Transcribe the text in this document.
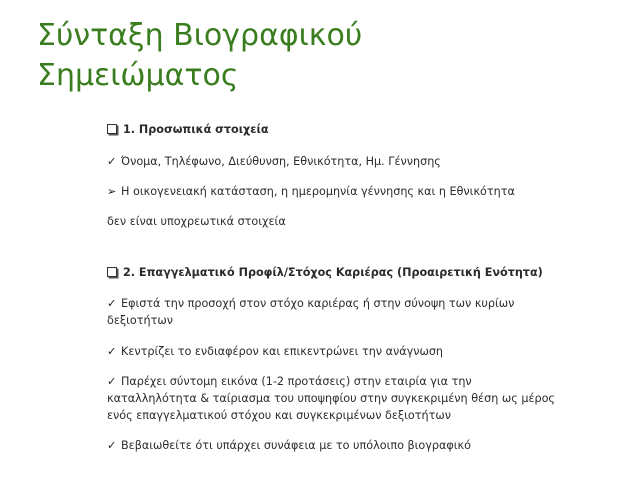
Σύνταξη Βιογραφικού
Σημειώματος
1. Προσωπικά στοιχεία
✓ Όνομα, Τηλέφωνο, Διεύθυνση, Εθνικότητα, Ημ. Γέννησης
➢ Η οικογενειακή κατάσταση, η ημερομηνία γέννησης και η Εθνικότητα
δεν είναι υποχρεωτικά στοιχεία
2. Επαγγελματικό Προφίλ/Στόχος Καριέρας (Προαιρετική Ενότητα)
✓ Εφιστά την προσοχή στον στόχο καριέρας ή στην σύνοψη των κυρίων δεξιοτήτων
✓ Κεντρίζει το ενδιαφέρον και επικεντρώνει την ανάγνωση
✓ Παρέχει σύντομη εικόνα (1-2 προτάσεις) στην εταιρία για την καταλληλότητα & ταίριασμα του υποψηφίου στην συγκεκριμένη θέση ως μέρος ενός επαγγελματικού στόχου και συγκεκριμένων δεξιοτήτων
✓ Βεβαιωθείτε ότι υπάρχει συνάφεια με το υπόλοιπο βιογραφικό
